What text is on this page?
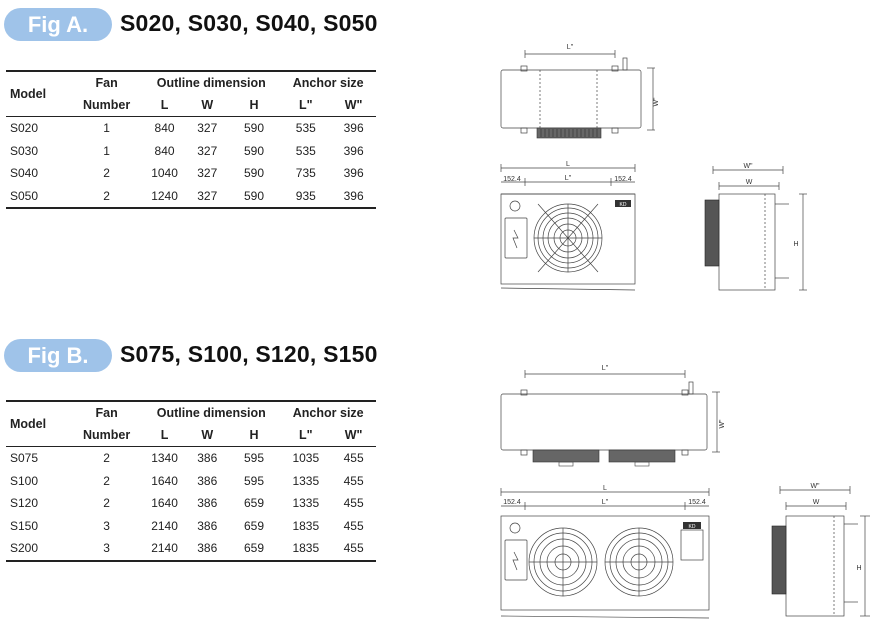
Fig A.	S020, S030, S040, S050
Model	Fan	Outline dimension			Anchor size	
	Number	L	W	H	L"	W"
S020	1	840	327	590	535	396
S030	1	840	327	590	535	396
S040	2	1040	327	590	735	396
S050	2	1240	327	590	935	396
L"
W"
KD
L
L"
152.4	152.4
W"
W
H
Fig B.	S075, S100, S120, S150
Model	Fan	Outline dimension			Anchor size	
	Number	L	W	H	L"	W"
S075	2	1340	386	595	1035	455
S100	2	1640	386	595	1335	455
S120	2	1640	386	659	1335	455
S150	3	2140	386	659	1835	455
S200	3	2140	386	659	1835	455
L"
W"
KD
L
L"
152.4	152.4
W"
W
H
